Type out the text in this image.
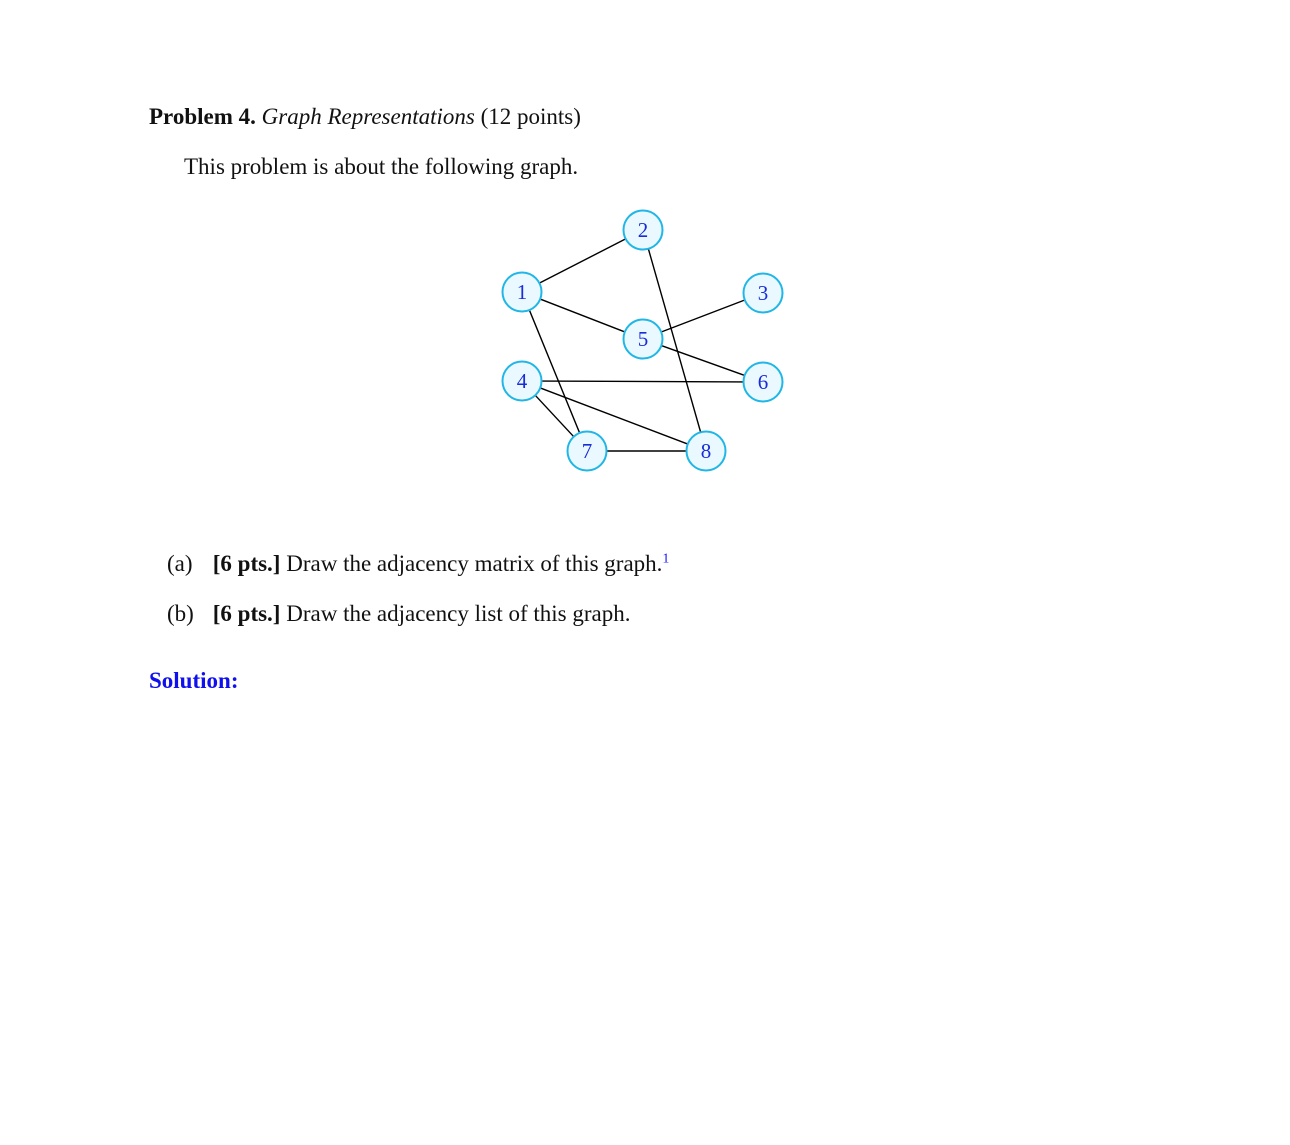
Problem 4. Graph Representations (12 points)
This problem is about the following graph.
1
2
3
4
5
6
7	8
(a) [6 pts.] Draw the adjacency matrix of this graph.$^1$
(b) [6 pts.] Draw the adjacency list of this graph.
Solution:
